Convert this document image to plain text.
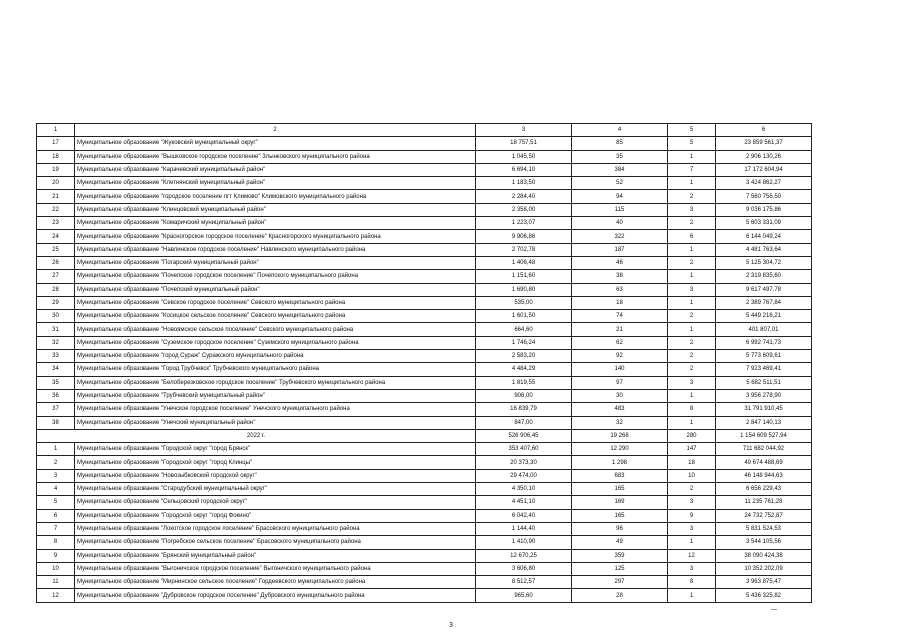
1	2	3	4	5	6
17	Муниципальное образование "Жуковский муниципальный округ"	18 757,51	85	5	23 859 561,37
18	Муниципальное образование "Вышковское городское поселение" Злынковского муниципального района	1 045,50	35	1	2 906 130,26
19	Муниципальное образование "Карачевский муниципальный район"	6 694,10	384	7	17 172 604,94
20	Муниципальное образование "Клетнянский муниципальный район"	1 183,50	52	1	3 424 862,27
21	Муниципальное образование "городское поселение пгт Климово" Климовского муниципального района	2 284,40	94	2	7 560 756,50
22	Муниципальное образование "Клинцовский муниципальный район"	2 358,00	115	3	9 036 175,86
23	Муниципальное образование "Комаричский муниципальный район"	1 223,07	40	2	5 603 331,09
24	Муниципальное образование "Красногорское городское поселение" Красногорского муниципального района	9 906,86	322	6	6 144 049,24
25	Муниципальное образование "Навлинское городское поселение" Навлинского муниципального района	2 702,78	187	1	4 481 763,64
26	Муниципальное образование "Погарский муниципальный район"	1 406,48	46	2	5 125 304,72
27	Муниципальное образование "Почепское городское поселение" Почепского муниципального района	1 151,60	38	1	2 319 835,60
28	Муниципальное образование "Почепский муниципальный район"	1 690,80	63	3	9 617 497,78
29	Муниципальное образование "Севское городское поселение" Севского муниципального района	535,00	18	1	2 389 767,84
30	Муниципальное образование "Косицкое сельское поселение" Севского муниципального района	1 601,50	74	2	5 449 216,21
31	Муниципальное образование "Новоямское сельское поселение" Севского муниципального района	664,60	21	1	401 807,01
32	Муниципальное образование "Суземское городское поселение" Суземского муниципального района	1 746,24	62	2	6 992 741,73
33	Муниципальное образование "город Сураж" Суражского муниципального района	2 583,20	92	2	5 773 609,61
34	Муниципальное образование "Город Трубчевск" Трубчевского муниципального района	4 484,29	140	2	7 923 469,41
35	Муниципальное образование "Белоберезковское городское поселение" Трубчевского муниципального района	1 819,55	97	3	5 682 511,51
36	Муниципальное образование "Трубчевский муниципальный район"	906,00	30	1	3 956 278,90
37	Муниципальное образование "Унечское городское поселение" Унечского муниципального района	16 839,79	483	8	31 791 910,45
38	Муниципальное образование "Унечский муниципальный район"	847,00	32	1	2 847 140,13
2022 г.		526 906,45	19 268	280	1 154 609 527,94
1	Муниципальное образование "Городской округ "город Брянск"	353 407,60	12 290	147	711 682 044,92
2	Муниципальное образование "Городской округ "город Клинцы"	20 373,30	1 298	18	49 674 488,69
3	Муниципальное образование "Новозыбковский городской округ"	29 474,00	683	10	46 148 944,63
4	Муниципальное образование "Стародубский муниципальный округ"	4 350,10	165	2	6 656 229,43
5	Муниципальное образование "Сельцовский городской округ"	4 451,10	169	3	11 235 761,28
6	Муниципальное образование "Городской округ "город Фокино"	6 042,40	165	9	24 732 752,87
7	Муниципальное образование "Локотское городское поселение" Брасовского муниципального района	1 144,40	96	3	5 831 524,53
8	Муниципальное образование "Погребское сельское поселение" Брасовского муниципального района	1 410,90	49	1	3 544 105,56
9	Муниципальное образование "Брянский муниципальный район"	12 670,25	359	12	38 090 424,38
10	Муниципальное образование "Выгоничское городское поселение" Выгоничского муниципального района	3 606,80	125	3	10 352 202,09
11	Муниципальное образование "Мирнинское сельское поселение" Гордеевского муниципального района	8 512,57	297	8	3 963 875,47
12	Муниципальное образование "Дубровское городское поселение" Дубровского муниципального района	965,60	28	1	5 436 325,82
3
